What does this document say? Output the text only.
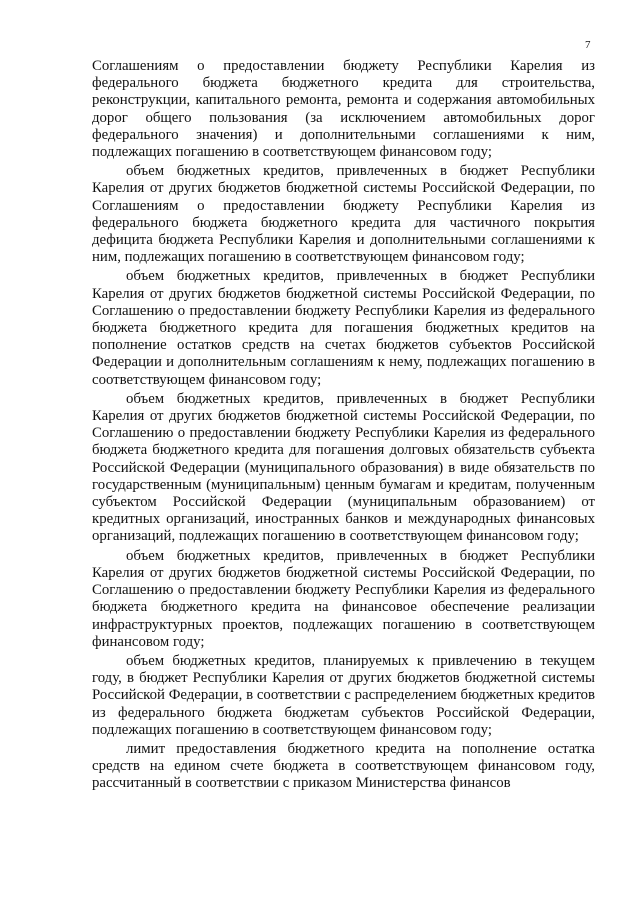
7

Соглашениям о предоставлении бюджету Республики Карелия из федерального бюджета бюджетного кредита для строительства, реконструкции, капитального ремонта, ремонта и содержания автомобильных дорог общего пользования (за исключением автомобильных дорог федерального значения) и дополнительными соглашениями к ним, подлежащих погашению в соответствующем финансовом году;

объем бюджетных кредитов, привлеченных в бюджет Республики Карелия от других бюджетов бюджетной системы Российской Федерации, по Соглашениям о предоставлении бюджету Республики Карелия из федерального бюджета бюджетного кредита для частичного покрытия дефицита бюджета Республики Карелия и дополнительными соглашениями к ним, подлежащих погашению в соответствующем финансовом году;

объем бюджетных кредитов, привлеченных в бюджет Республики Карелия от других бюджетов бюджетной системы Российской Федерации, по Соглашению о предоставлении бюджету Республики Карелия из федерального бюджета бюджетного кредита для погашения бюджетных кредитов на пополнение остатков средств на счетах бюджетов субъектов Российской Федерации и дополнительным соглашениям к нему, подлежащих погашению в соответствующем финансовом году;

объем бюджетных кредитов, привлеченных в бюджет Республики Карелия от других бюджетов бюджетной системы Российской Федерации, по Соглашению о предоставлении бюджету Республики Карелия из федерального бюджета бюджетного кредита для погашения долговых обязательств субъекта Российской Федерации (муниципального образования) в виде обязательств по государственным (муниципальным) ценным бумагам и кредитам, полученным субъектом Российской Федерации (муниципальным образованием) от кредитных организаций, иностранных банков и международных финансовых организаций, подлежащих погашению в соответствующем финансовом году;

объем бюджетных кредитов, привлеченных в бюджет Республики Карелия от других бюджетов бюджетной системы Российской Федерации, по Соглашению о предоставлении бюджету Республики Карелия из федерального бюджета бюджетного кредита на финансовое обеспечение реализации инфраструктурных проектов, подлежащих погашению в соответствующем финансовом году;

объем бюджетных кредитов, планируемых к привлечению в текущем году, в бюджет Республики Карелия от других бюджетов бюджетной системы Российской Федерации, в соответствии с распределением бюджетных кредитов из федерального бюджета бюджетам субъектов Российской Федерации, подлежащих погашению в соответствующем финансовом году;

лимит предоставления бюджетного кредита на пополнение остатка средств на едином счете бюджета в соответствующем финансовом году, рассчитанный в соответствии с приказом Министерства финансов
